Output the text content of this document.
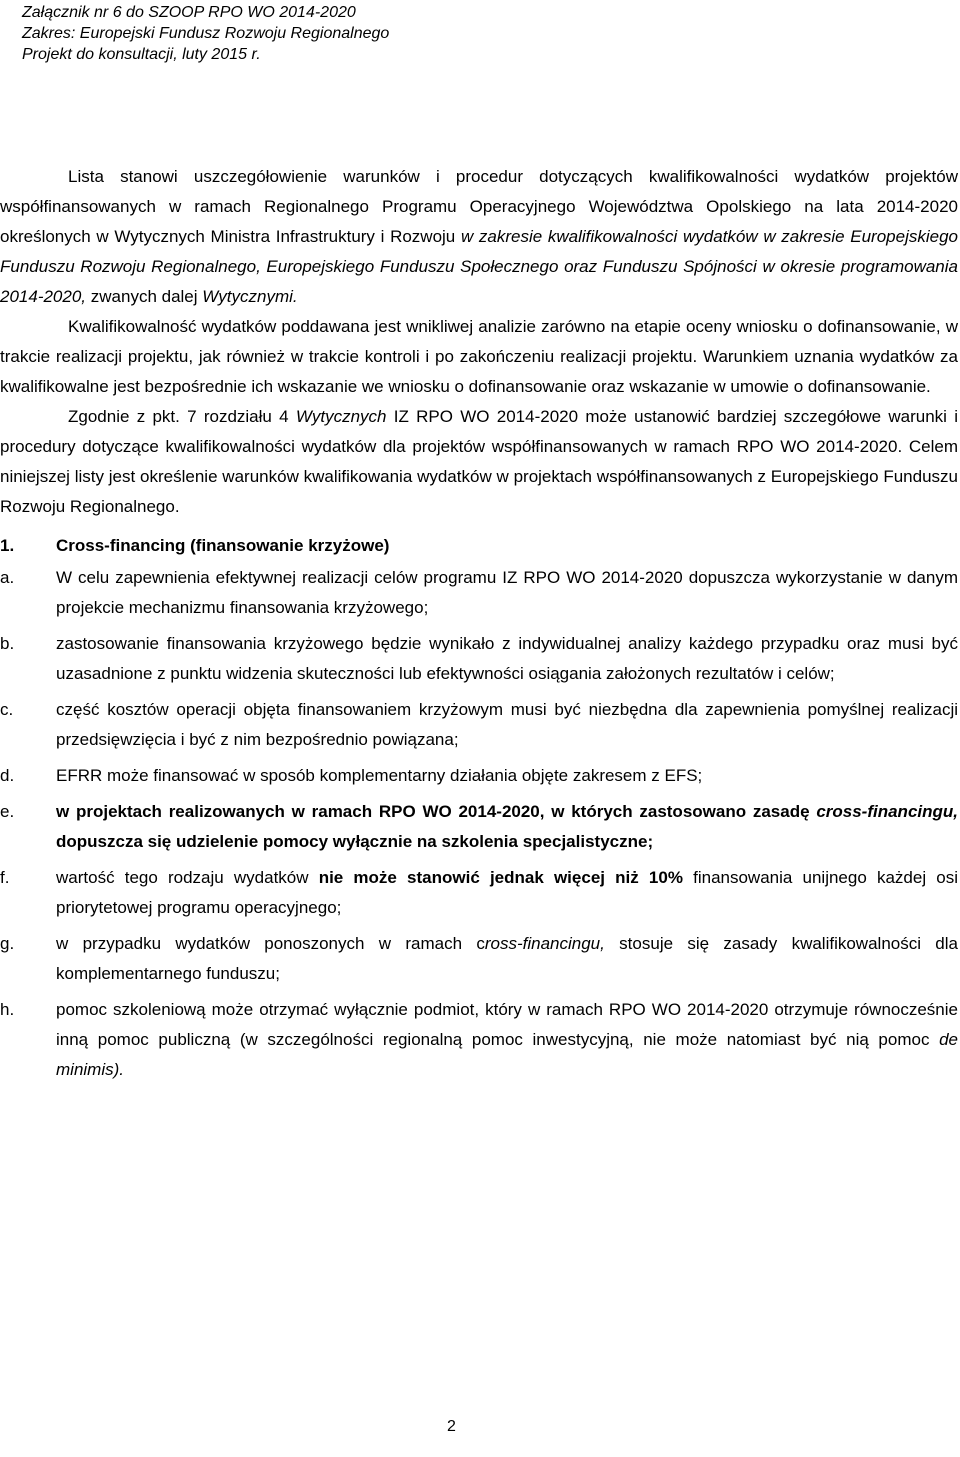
Załącznik nr 6 do SZOOP RPO WO 2014-2020
Zakres: Europejski Fundusz Rozwoju Regionalnego
Projekt do konsultacji, luty 2015 r.

Lista stanowi uszczegółowienie warunków i procedur dotyczących kwalifikowalności wydatków projektów współfinansowanych w ramach Regionalnego Programu Operacyjnego Województwa Opolskiego na lata 2014-2020 określonych w Wytycznych Ministra Infrastruktury i Rozwoju w zakresie kwalifikowalności wydatków w zakresie Europejskiego Funduszu Rozwoju Regionalnego, Europejskiego Funduszu Społecznego oraz Funduszu Spójności w okresie programowania 2014-2020, zwanych dalej Wytycznymi.

Kwalifikowalność wydatków poddawana jest wnikliwej analizie zarówno na etapie oceny wniosku o dofinansowanie, w trakcie realizacji projektu, jak również w trakcie kontroli i po zakończeniu realizacji projektu. Warunkiem uznania wydatków za kwalifikowalne jest bezpośrednie ich wskazanie we wniosku o dofinansowanie oraz wskazanie w umowie o dofinansowanie.

Zgodnie z pkt. 7 rozdziału 4 Wytycznych IZ RPO WO 2014-2020 może ustanowić bardziej szczegółowe warunki i procedury dotyczące kwalifikowalności wydatków dla projektów współfinansowanych w ramach RPO WO 2014-2020. Celem niniejszej listy jest określenie warunków kwalifikowania wydatków w projektach współfinansowanych z Europejskiego Funduszu Rozwoju Regionalnego.

1.	Cross-financing (finansowanie krzyżowe)
a.	W celu zapewnienia efektywnej realizacji celów programu IZ RPO WO 2014-2020 dopuszcza wykorzystanie w danym projekcie mechanizmu finansowania krzyżowego;
b.	zastosowanie finansowania krzyżowego będzie wynikało z indywidualnej analizy każdego przypadku oraz musi być uzasadnione z punktu widzenia skuteczności lub efektywności osiągania założonych rezultatów i celów;
c.	część kosztów operacji objęta finansowaniem krzyżowym musi być niezbędna dla zapewnienia pomyślnej realizacji przedsięwzięcia i być z nim bezpośrednio powiązana;
d.	EFRR może finansować w sposób komplementarny działania objęte zakresem z EFS;
e.	w projektach realizowanych w ramach RPO WO 2014-2020, w których zastosowano zasadę cross-financingu, dopuszcza się udzielenie pomocy wyłącznie na szkolenia specjalistyczne;
f.	wartość tego rodzaju wydatków nie może stanowić jednak więcej niż 10% finansowania unijnego każdej osi priorytetowej programu operacyjnego;
g.	w przypadku wydatków ponoszonych w ramach cross-financingu, stosuje się zasady kwalifikowalności dla komplementarnego funduszu;
h.	pomoc szkoleniową może otrzymać wyłącznie podmiot, który w ramach RPO WO 2014-2020 otrzymuje równocześnie inną pomoc publiczną (w szczególności regionalną pomoc inwestycyjną, nie może natomiast być nią pomoc de minimis).
2
